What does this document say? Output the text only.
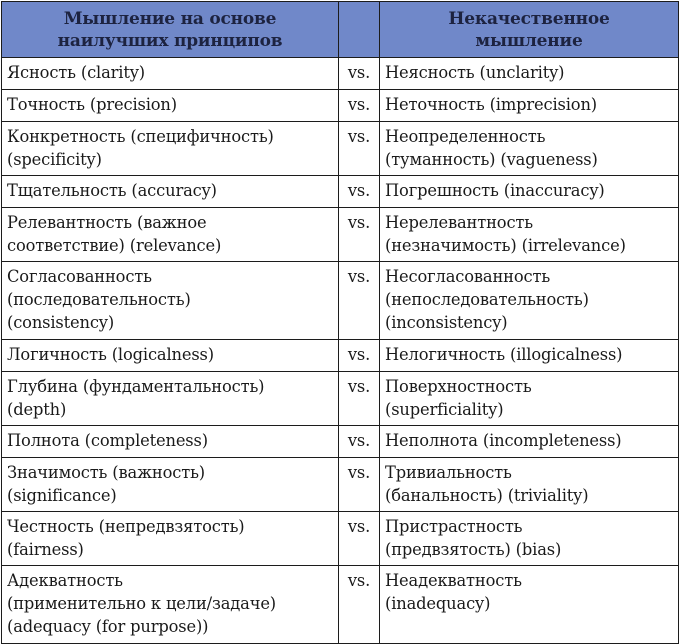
Мышление на основе
наилучших принципов		Некачественное
мышление

Ясность (clarity)	vs.	Неясность (unclarity)

Точность (precision)	vs.	Неточность (imprecision)

Конкретность (специфичность)
(specificity)	vs.	Неопределенность
(туманность) (vagueness)

Тщательность (accuracy)	vs.	Погрешность (inaccuracy)

Релевантность (важное
соответствие) (relevance)	vs.	Нерелевантность
(незначимость) (irrelevance)

Согласованность
(последовательность)
(consistency)	vs.	Несогласованность
(непоследовательность)
(inconsistency)

Логичность (logicalness)	vs.	Нелогичность (illogicalness)

Глубина (фундаментальность)
(depth)	vs.	Поверхностность
(superficiality)

Полнота (completeness)	vs.	Неполнота (incompleteness)

Значимость (важность)
(significance)	vs.	Тривиальность
(банальность) (triviality)

Честность (непредвзятость)
(fairness)	vs.	Пристрастность
(предвзятость) (bias)

Адекватность
(применительно к цели/задаче)
(adequacy (for purpose))	vs.	Неадекватность
(inadequacy)
